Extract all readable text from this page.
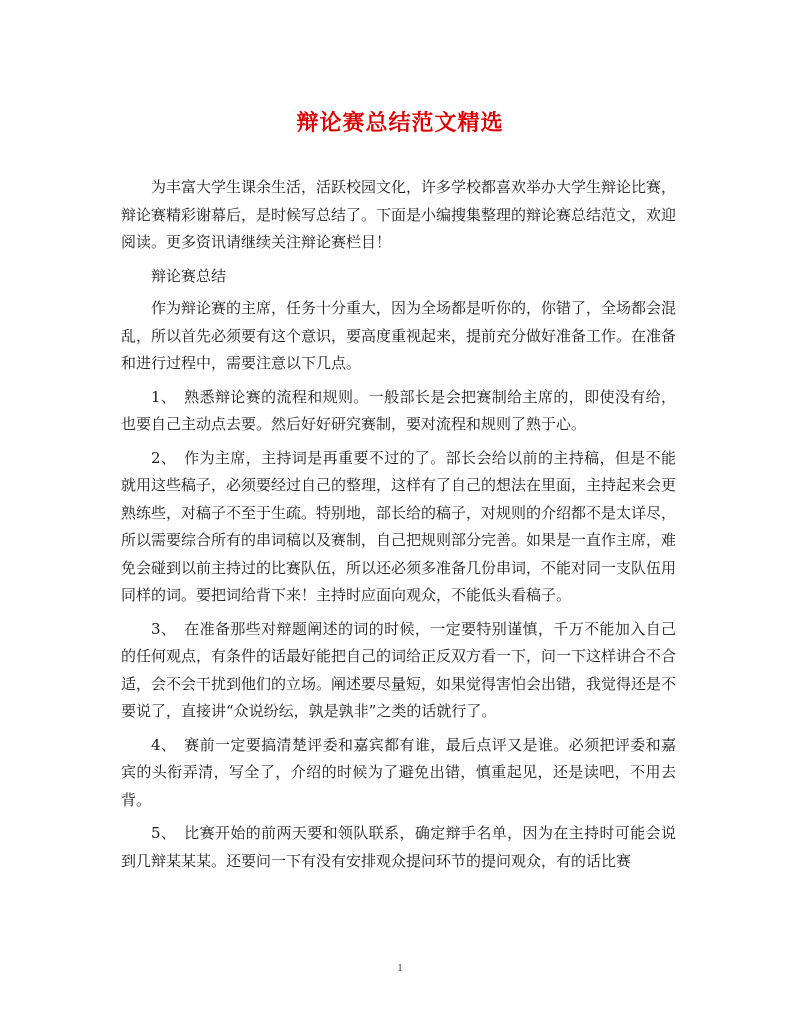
辩论赛总结范文精选

为丰富大学生课余生活，活跃校园文化，许多学校都喜欢举办大学生辩论比赛，辩论赛精彩谢幕后，是时候写总结了。下面是小编搜集整理的辩论赛总结范文，欢迎阅读。更多资讯请继续关注辩论赛栏目！

辩论赛总结

作为辩论赛的主席，任务十分重大，因为全场都是听你的，你错了，全场都会混乱，所以首先必须要有这个意识，要高度重视起来，提前充分做好准备工作。在准备和进行过程中，需要注意以下几点。

1、　熟悉辩论赛的流程和规则。一般部长是会把赛制给主席的，即使没有给，也要自己主动点去要。然后好好研究赛制，要对流程和规则了熟于心。

2、　作为主席，主持词是再重要不过的了。部长会给以前的主持稿，但是不能就用这些稿子，必须要经过自己的整理，这样有了自己的想法在里面，主持起来会更熟练些，对稿子不至于生疏。特别地，部长给的稿子，对规则的介绍都不是太详尽，所以需要综合所有的串词稿以及赛制，自己把规则部分完善。如果是一直作主席，难免会碰到以前主持过的比赛队伍，所以还必须多准备几份串词，不能对同一支队伍用同样的词。要把词给背下来！主持时应面向观众，不能低头看稿子。

3、　在准备那些对辩题阐述的词的时候，一定要特别谨慎，千万不能加入自己的任何观点，有条件的话最好能把自己的词给正反双方看一下，问一下这样讲合不合适，会不会干扰到他们的立场。阐述要尽量短，如果觉得害怕会出错，我觉得还是不要说了，直接讲“众说纷纭，孰是孰非”之类的话就行了。

4、　赛前一定要搞清楚评委和嘉宾都有谁，最后点评又是谁。必须把评委和嘉宾的头衔弄清，写全了，介绍的时候为了避免出错，慎重起见，还是读吧，不用去背。

5、　比赛开始的前两天要和领队联系，确定辩手名单，因为在主持时可能会说到几辩某某某。还要问一下有没有安排观众提问环节的提问观众，有的话比赛

1
